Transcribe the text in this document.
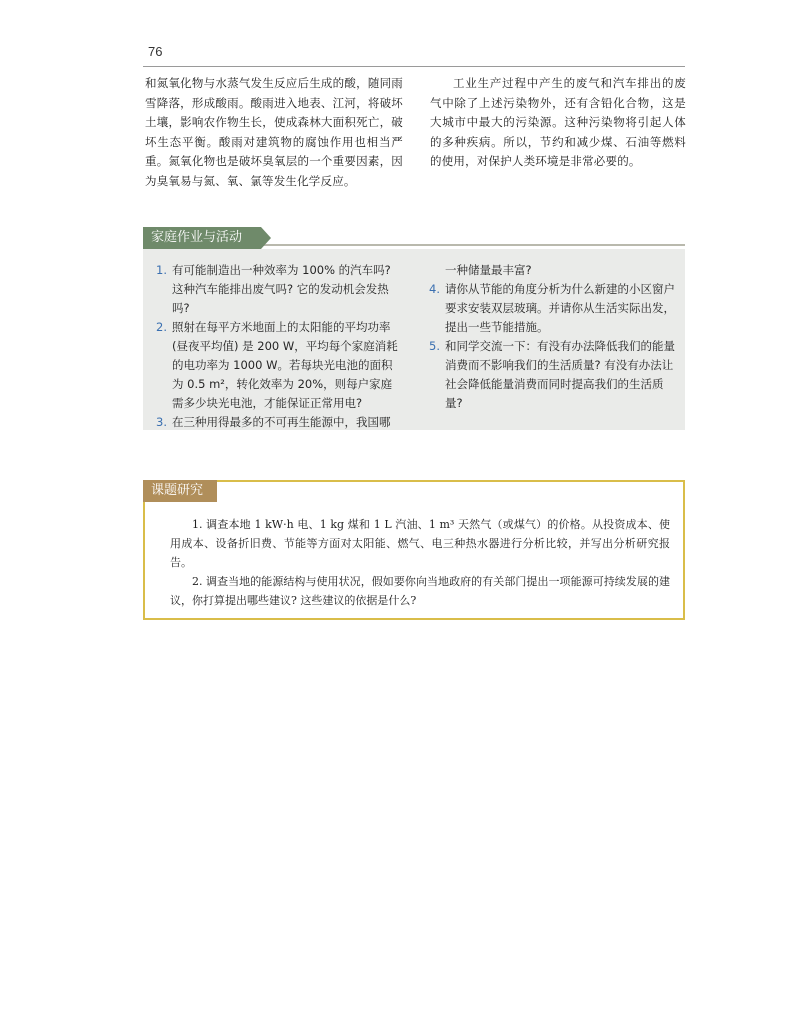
76
和氮氧化物与水蒸气发生反应后生成的酸，随同雨雪降落，形成酸雨。酸雨进入地表、江河，将破坏土壤，影响农作物生长，使成森林大面积死亡，破坏生态平衡。酸雨对建筑物的腐蚀作用也相当严重。氮氧化物也是破坏臭氧层的一个重要因素，因为臭氧易与氮、氧、氯等发生化学反应。
工业生产过程中产生的废气和汽车排出的废气中除了上述污染物外，还有含铅化合物，这是大城市中最大的污染源。这种污染物将引起人体的多种疾病。所以，节约和减少煤、石油等燃料的使用，对保护人类环境是非常必要的。
家庭作业与活动
1. 有可能制造出一种效率为 100% 的汽车吗? 这种汽车能排出废气吗? 它的发动机会发热吗?
2. 照射在每平方米地面上的太阳能的平均功率 (昼夜平均值) 是 200 W，平均每个家庭消耗的电功率为 1000 W。若每块光电池的面积为 0.5 m²，转化效率为 20%，则每户家庭需多少块光电池，才能保证正常用电?
3. 在三种用得最多的不可再生能源中，我国哪
一种储量最丰富?
4. 请你从节能的角度分析为什么新建的小区窗户要求安装双层玻璃。并请你从生活实际出发，提出一些节能措施。
5. 和同学交流一下：有没有办法降低我们的能量消费而不影响我们的生活质量? 有没有办法让社会降低能量消费而同时提高我们的生活质量?
课题研究

1. 调查本地 1 kW·h 电、1 kg 煤和 1 L 汽油、1 m³ 天然气（或煤气）的价格。从投资成本、使用成本、设备折旧费、节能等方面对太阳能、燃气、电三种热水器进行分析比较，并写出分析研究报告。

2. 调查当地的能源结构与使用状况，假如要你向当地政府的有关部门提出一项能源可持续发展的建议，你打算提出哪些建议? 这些建议的依据是什么?
